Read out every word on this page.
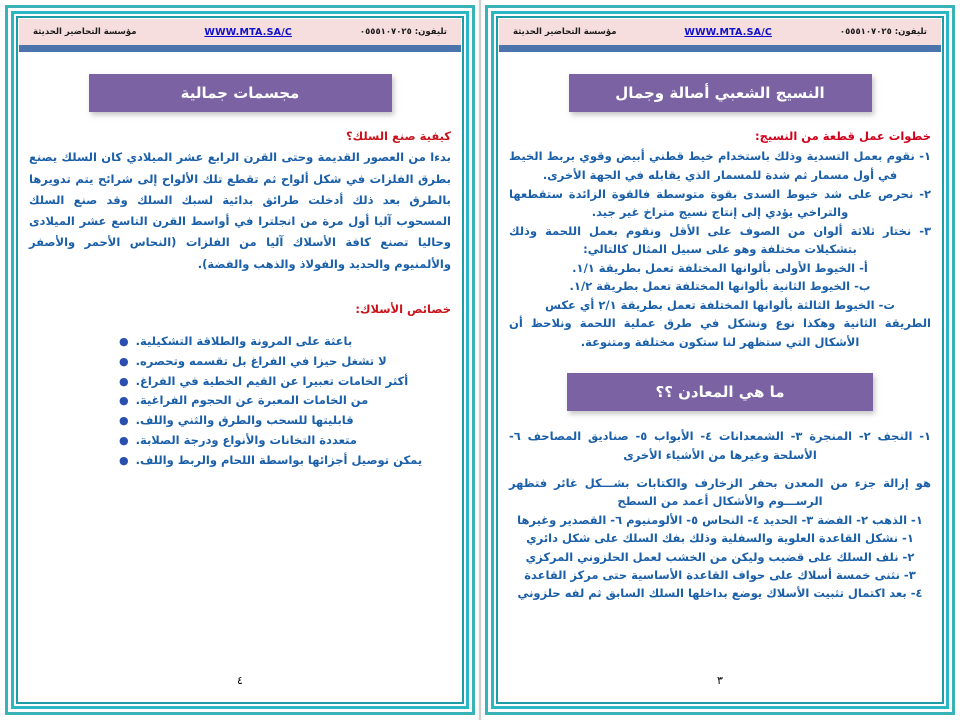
تليفون: ٠٥٥٥١٠٧٠٢٥
WWW.MTA.SA/C
مؤسسة التحاضير الحديثة
النسيج الشعبي أصالة وجمال

خطوات عمل قطعة من النسيج:

١- نقوم بعمل التسدية وذلك باستخدام خيط قطني أبيض وقوي بربط الخيط في أول مسمار ثم شدة للمسمار الذي يقابله في الجهة الأخرى.

٢- نحرص على شد خيوط السدى بقوة متوسطة فالقوة الزائدة ستقطعها والتراخي يؤدي إلى إنتاج نسيج متراخ غير جيد.

٣- نختار ثلاثة ألوان من الصوف على الأقل ونقوم بعمل اللحمة وذلك بتشكيلات مختلفة وهو على سبيل المثال كالتالي:

أ- الخيوط الأولى بألوانها المختلفة تعمل بطريقة ١/١.

ب- الخيوط الثانية بألوانها المختلفة تعمل بطريقة ١/٢.

ت- الخيوط الثالثة بألوانها المختلفة تعمل بطريقة ٢/١ أي عكس

الطريقة الثانية وهكذا نوع ونشكل في طرق عملية اللحمة ونلاحظ أن الأشكال التي ستظهر لنا ستكون مختلفة ومتنوعة.

ما هي المعادن ؟؟

١- النجف ٢- المنجرة ٣- الشمعدانات ٤- الأبواب ٥- صناديق المصاحف ٦- الأسلحة وغيرها من الأشياء الأخرى

هو إزالة جزء من المعدن بحفر الزخارف والكتابات بشـــكل غائر فتظهر الرســـوم والأشكال أعمد من السطح

١- الذهب ٢- الفضة ٣- الحديد ٤- النحاس ٥- الألومنيوم ٦- القصدير وغيرها

١- نشكل القاعدة العلوية والسفلية وذلك بفك السلك على شكل دائري

٢- نلف السلك على قضيب وليكن من الخشب لعمل الحلزوني المركزي

٣- نثنى خمسة أسلاك على حواف القاعدة الأساسية حتى مركز القاعدة

٤- بعد اكتمال تثبيت الأسلاك يوضع بداخلها السلك السابق ثم لفه حلزوني

٣
تليفون: ٠٥٥٥١٠٧٠٢٥
WWW.MTA.SA/C
مؤسسة التحاضير الحديثة
مجسمات جمالية

كيفية صنع السلك؟

بدءا من العصور القديمة وحتى القرن الرابع عشر الميلادي كان السلك يصنع بطرق الفلزات في شكل ألواح ثم تقطع تلك الألواح إلى شرائح يتم تدويرها بالطرق بعد ذلك أدخلت طرائق بدائية لسبك السلك وقد صنع السلك المسحوب آليا أول مرة من انجلترا في أواسط القرن التاسع عشر الميلادى وحاليا تصنع كافة الأسلاك آليا من الفلزات (النحاس الأحمر والأصفر والألمنيوم والحديد والفولاذ والذهب والفضة).

خصائص الأسلاك:

باعثة على المرونة والطلاقة التشكيلية.
●
لا تشغل حيزا في الفراغ بل تقسمه وتحصره.
●
أكثر الخامات تعبيرا عن القيم الخطية في الفراغ.
●
من الخامات المعبرة عن الحجوم الفراغية.
●
قابليتها للسحب والطرق والثني واللف.
●
متعددة التخانات والأنواع ودرجة الصلابة.
●
يمكن توصيل أجزائها بواسطة اللحام والربط واللف.
●
٤
